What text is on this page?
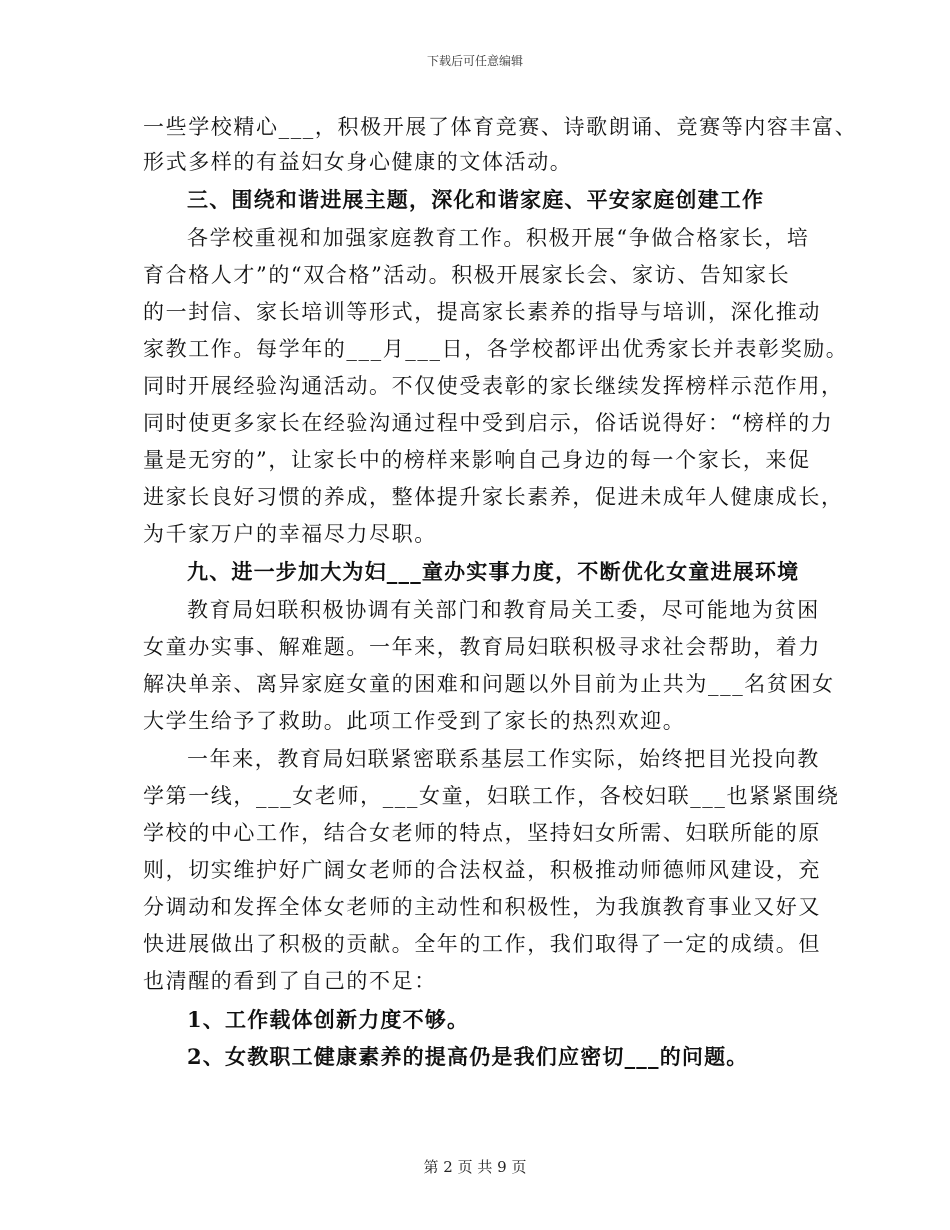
下载后可任意编辑
一些学校精心___，积极开展了体育竞赛、诗歌朗诵、竞赛等内容丰富、
形式多样的有益妇女身心健康的文体活动。
三、围绕和谐进展主题，深化和谐家庭、平安家庭创建工作
各学校重视和加强家庭教育工作。积极开展“争做合格家长，培
育合格人才”的“双合格”活动。积极开展家长会、家访、告知家长
的一封信、家长培训等形式，提高家长素养的指导与培训，深化推动
家教工作。每学年的___月___日，各学校都评出优秀家长并表彰奖励。
同时开展经验沟通活动。不仅使受表彰的家长继续发挥榜样示范作用，
同时使更多家长在经验沟通过程中受到启示，俗话说得好：“榜样的力
量是无穷的”，让家长中的榜样来影响自己身边的每一个家长，来促
进家长良好习惯的养成，整体提升家长素养，促进未成年人健康成长，
为千家万户的幸福尽力尽职。
九、进一步加大为妇___童办实事力度，不断优化女童进展环境
教育局妇联积极协调有关部门和教育局关工委，尽可能地为贫困
女童办实事、解难题。一年来，教育局妇联积极寻求社会帮助，着力
解决单亲、离异家庭女童的困难和问题以外目前为止共为___名贫困女
大学生给予了救助。此项工作受到了家长的热烈欢迎。
一年来，教育局妇联紧密联系基层工作实际，始终把目光投向教
学第一线，___女老师，___女童，妇联工作，各校妇联___也紧紧围绕
学校的中心工作，结合女老师的特点，坚持妇女所需、妇联所能的原
则，切实维护好广阔女老师的合法权益，积极推动师德师风建设，充
分调动和发挥全体女老师的主动性和积极性，为我旗教育事业又好又
快进展做出了积极的贡献。全年的工作，我们取得了一定的成绩。但
也清醒的看到了自己的不足：
1、工作载体创新力度不够。
2、女教职工健康素养的提高仍是我们应密切___的问题。
第 2 页 共 9 页
